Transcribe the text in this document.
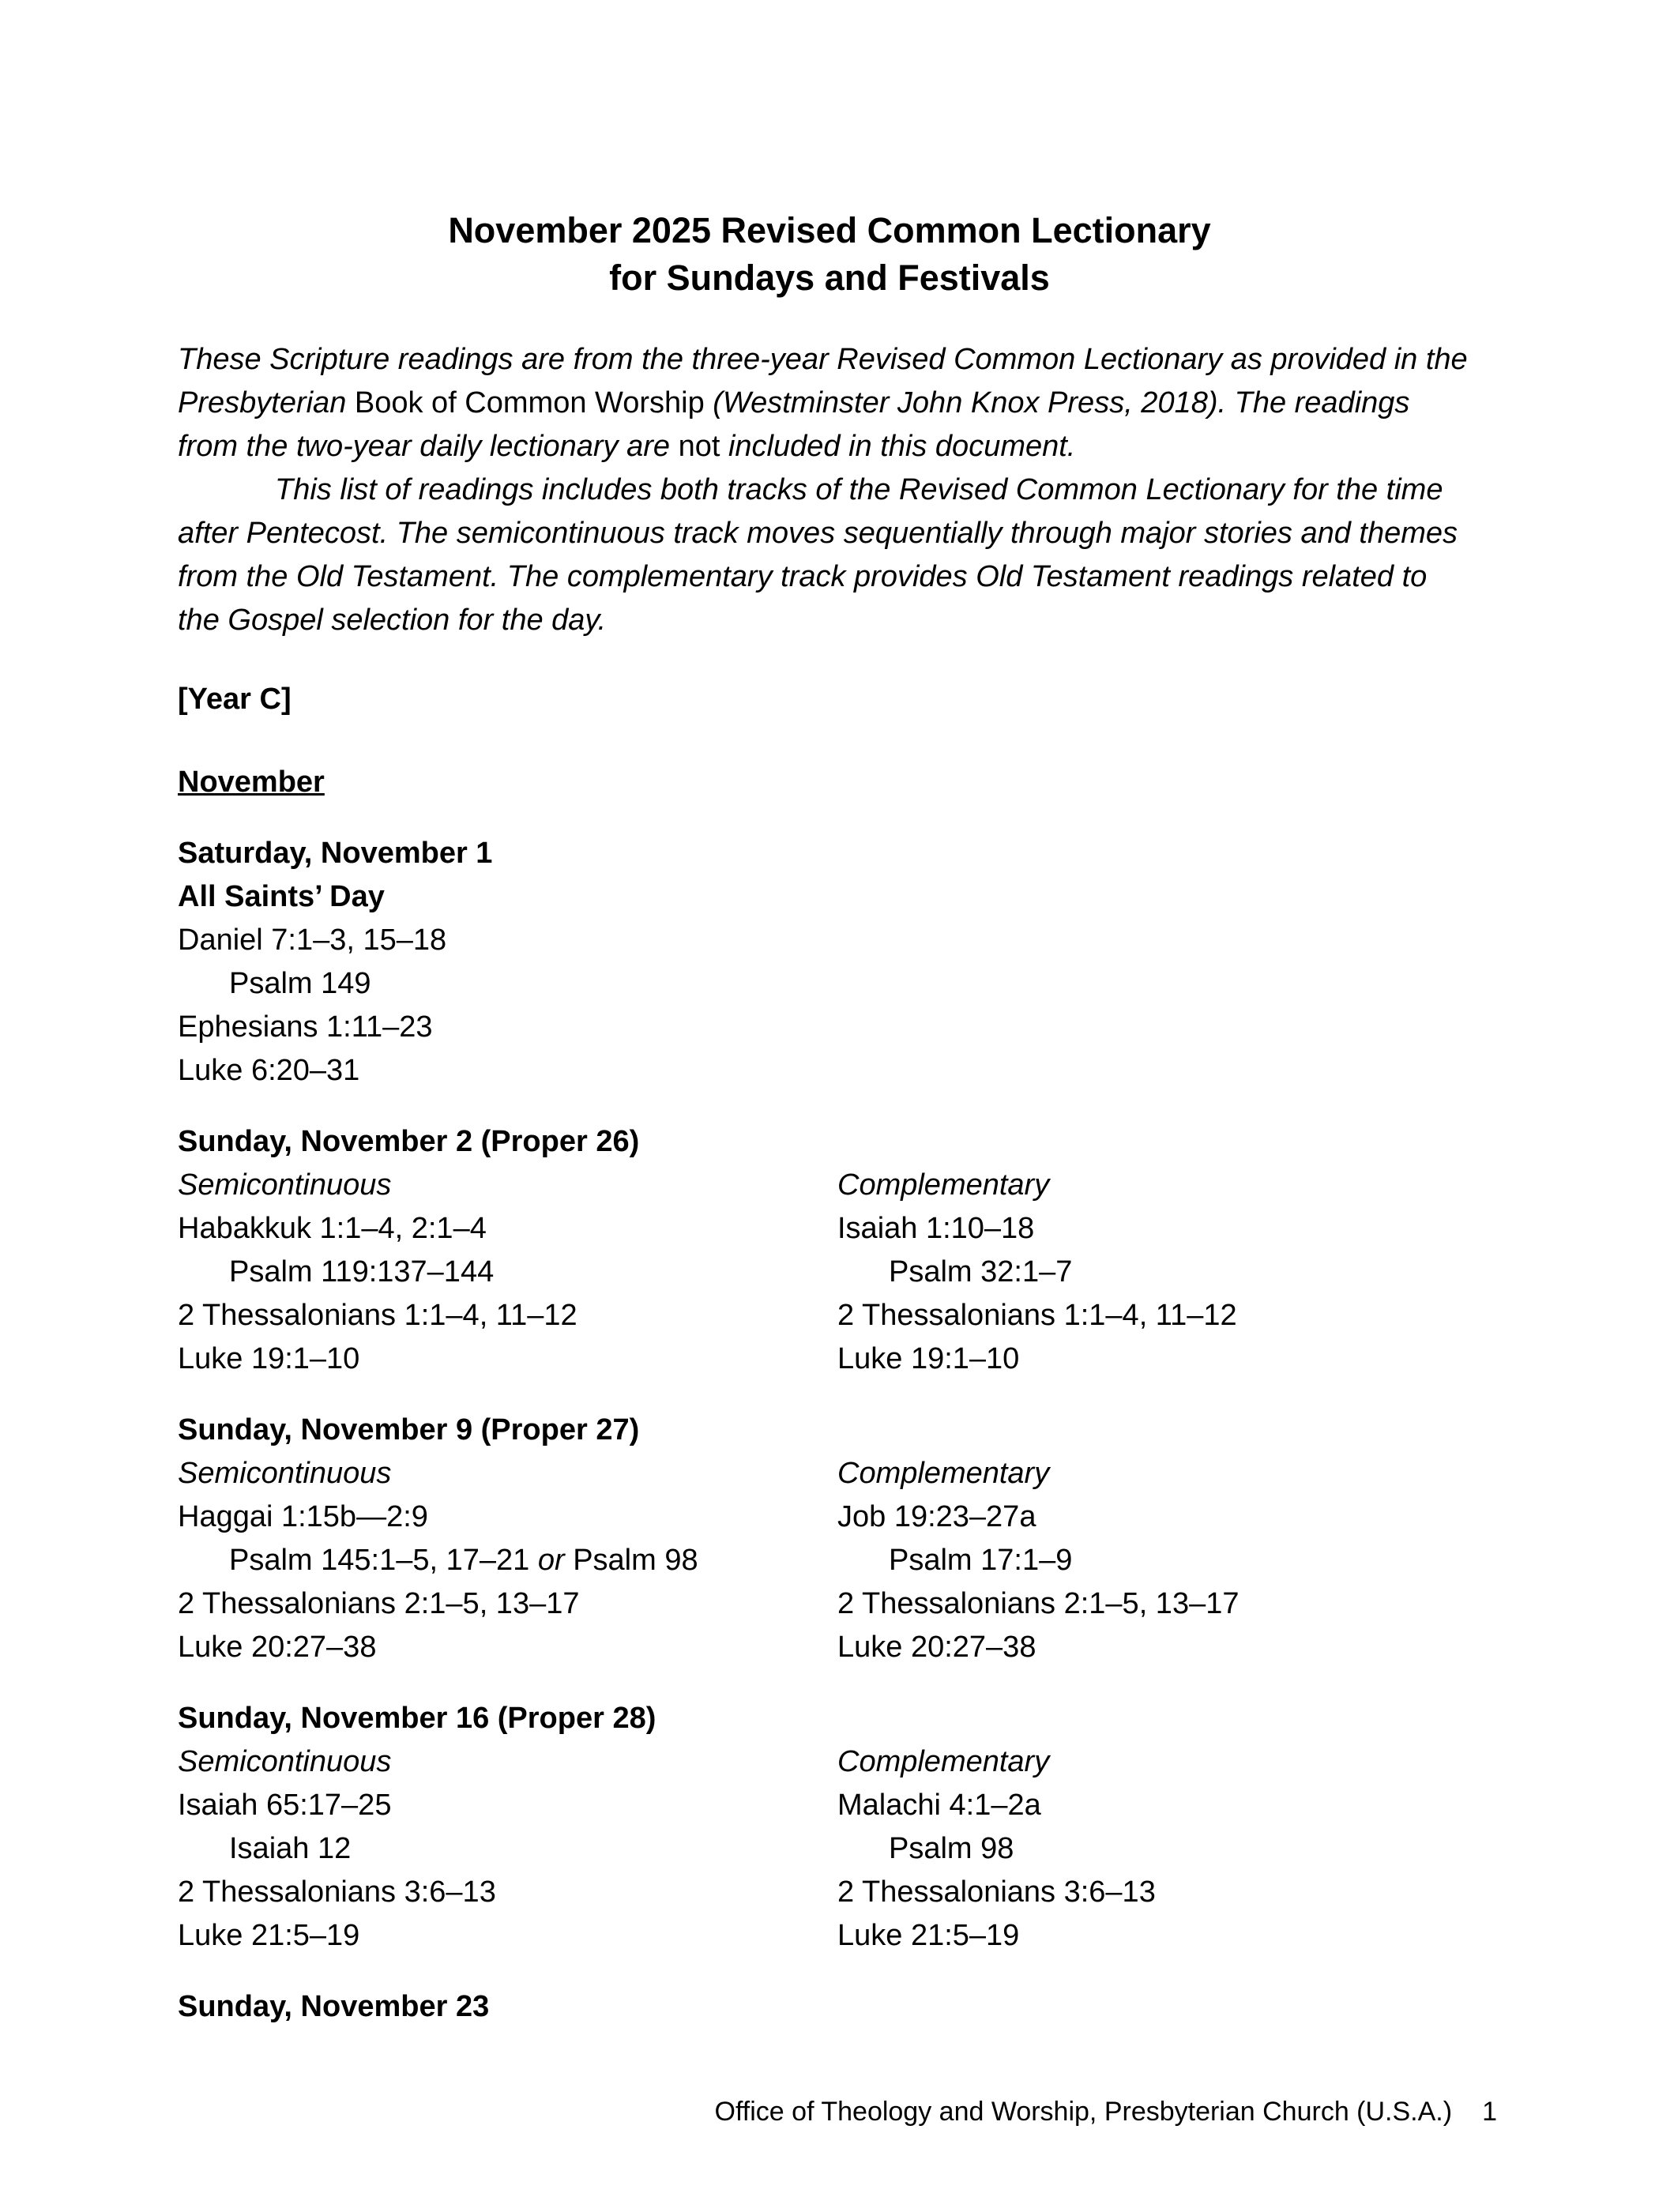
November 2025 Revised Common Lectionary
for Sundays and Festivals
These Scripture readings are from the three-year Revised Common Lectionary as provided in the
Presbyterian Book of Common Worship (Westminster John Knox Press, 2018). The readings
from the two-year daily lectionary are not included in this document.
This list of readings includes both tracks of the Revised Common Lectionary for the time
after Pentecost. The semicontinuous track moves sequentially through major stories and themes
from the Old Testament. The complementary track provides Old Testament readings related to
the Gospel selection for the day.
[Year C]
November
Saturday, November 1
All Saints’ Day
Daniel 7:1–3, 15–18
Psalm 149
Ephesians 1:11–23
Luke 6:20–31
Sunday, November 2 (Proper 26)
Semicontinuous	Complementary
Habakkuk 1:1–4, 2:1–4	Isaiah 1:10–18
Psalm 119:137–144	Psalm 32:1–7
2 Thessalonians 1:1–4, 11–12	2 Thessalonians 1:1–4, 11–12
Luke 19:1–10	Luke 19:1–10
Sunday, November 9 (Proper 27)
Semicontinuous	Complementary
Haggai 1:15b—2:9	Job 19:23–27a
Psalm 145:1–5, 17–21 or Psalm 98	Psalm 17:1–9
2 Thessalonians 2:1–5, 13–17	2 Thessalonians 2:1–5, 13–17
Luke 20:27–38	Luke 20:27–38
Sunday, November 16 (Proper 28)
Semicontinuous	Complementary
Isaiah 65:17–25	Malachi 4:1–2a
Isaiah 12	Psalm 98
2 Thessalonians 3:6–13	2 Thessalonians 3:6–13
Luke 21:5–19	Luke 21:5–19
Sunday, November 23
Office of Theology and Worship, Presbyterian Church (U.S.A.) 1
